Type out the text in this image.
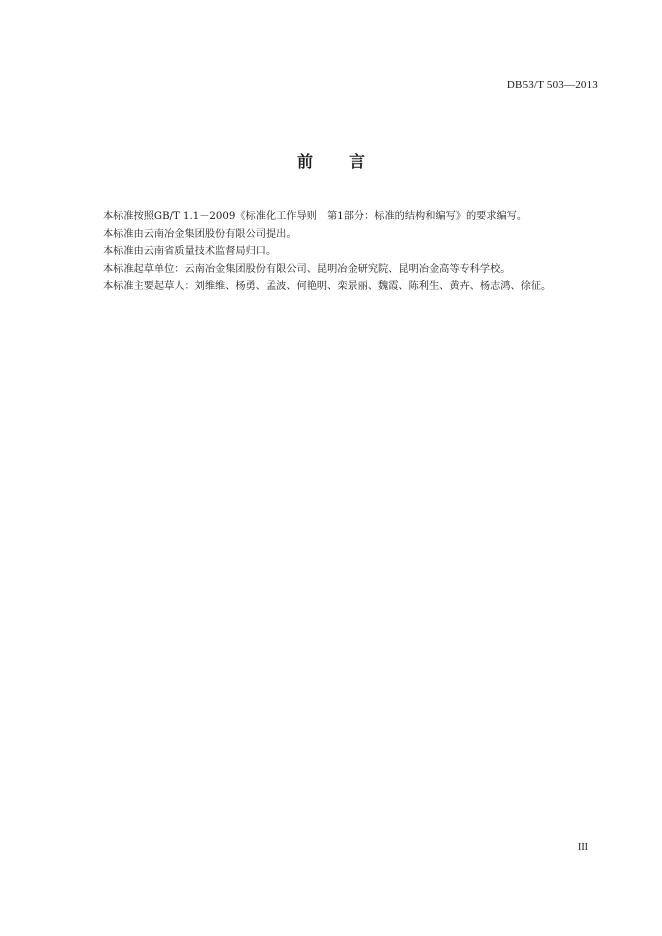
DB53/T 503—2013
前 言

本标准按照GB/T 1.1－2009《标准化工作导则　第1部分：标准的结构和编写》的要求编写。

本标准由云南冶金集团股份有限公司提出。

本标准由云南省质量技术监督局归口。

本标准起草单位：云南冶金集团股份有限公司、昆明冶金研究院、昆明冶金高等专科学校。

本标准主要起草人：刘维维、杨勇、孟波、何艳明、栾景丽、魏霞、陈利生、黄卉、杨志鸿、徐征。

III
